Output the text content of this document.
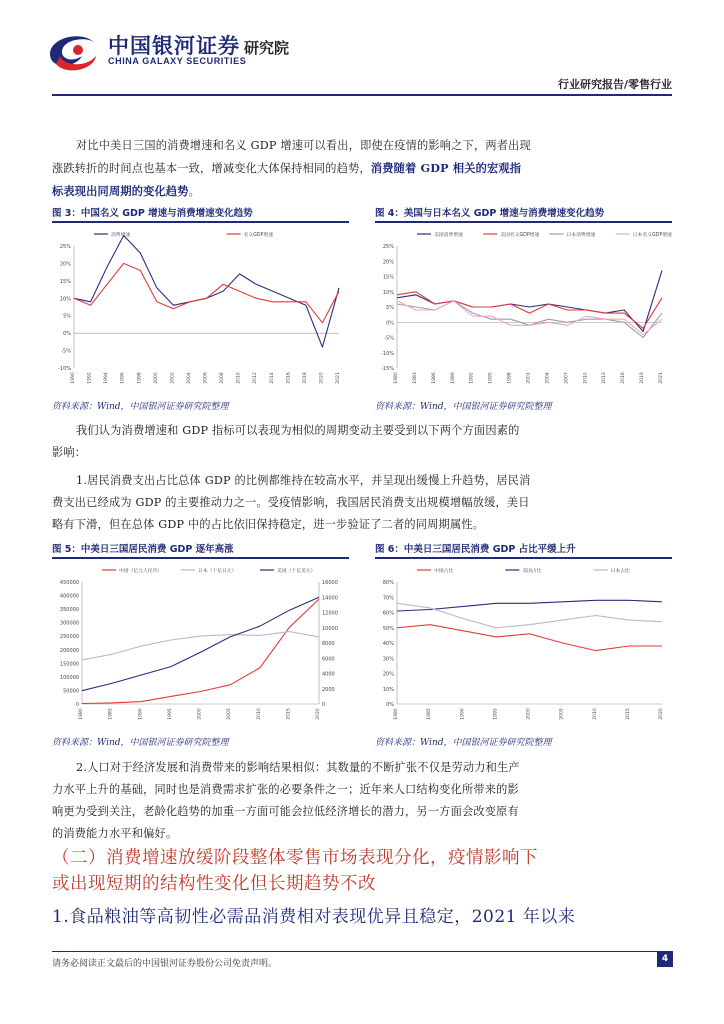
中国银河证券
CHINA GALAXY SECURITIES
研究院
行业研究报告/零售行业

对比中美日三国的消费增速和名义 GDP 增速可以看出，即使在疫情的影响之下，两者出现

涨跌转折的时间点也基本一致，增减变化大体保持相同的趋势，消费随着 GDP 相关的宏观指

标表现出同周期的变化趋势。

图 3：中国名义 GDP 增速与消费增速变化趋势
25%
20%
15%
10%
5%
0%
-5%
-10%
1990	1992	1994	1996	1998	2000	2002	2004	2006	2008	2010	2012	2014	2016	2018	2020	2021
消费增速	名义GDP增速
资料来源：Wind，中国银河证券研究院整理
图 4：美国与日本名义 GDP 增速与消费增速变化趋势
25%
20%
15%
10%
5%
0%
-5%
-10%
-15%
1980	1983	1986	1989	1992	1995	1998	2001	2004	2007	2010	2013	2016	2019	2021
美国消费增速	美国名义GDP增速	日本消费增速	日本名义GDP增速
资料来源：Wind，中国银河证券研究院整理

我们认为消费增速和 GDP 指标可以表现为相似的周期变动主要受到以下两个方面因素的

影响：

1.居民消费支出占比总体 GDP 的比例都维持在较高水平，并呈现出缓慢上升趋势，居民消

费支出已经成为 GDP 的主要推动力之一。受疫情影响，我国居民消费支出规模增幅放缓，美日

略有下滑，但在总体 GDP 中的占比依旧保持稳定，进一步验证了二者的同周期属性。

图 5：中美日三国居民消费 GDP 逐年高涨
450000
400000
350000
300000
250000
200000
150000
100000
50000
0
16000
14000
12000
10000
8000
6000
4000
2000
0
1980	1985	1990	1995	2000	2005	2010	2015	2020
中国（亿元人民币）	日本（十亿日元）	美国（十亿美元）
资料来源：Wind，中国银河证券研究院整理
图 6：中美日三国居民消费 GDP 占比平缓上升
80%
70%
60%
50%
40%
30%
20%
10%
0%
1980	1985	1990	1995	2000	2005	2010	2015	2020
中国占比	美国占比	日本占比
资料来源：Wind，中国银河证券研究院整理

2.人口对于经济发展和消费带来的影响结果相似：其数量的不断扩张不仅是劳动力和生产

力水平上升的基础，同时也是消费需求扩张的必要条件之一；近年来人口结构变化所带来的影

响更为受到关注，老龄化趋势的加重一方面可能会拉低经济增长的潜力，另一方面会改变原有

的消费能力水平和偏好。

（二）消费增速放缓阶段整体零售市场表现分化，疫情影响下
或出现短期的结构性变化但长期趋势不改
1.食品粮油等高韧性必需品消费相对表现优异且稳定，2021 年以来
请务必阅读正文最后的中国银河证券股份公司免责声明。	4
